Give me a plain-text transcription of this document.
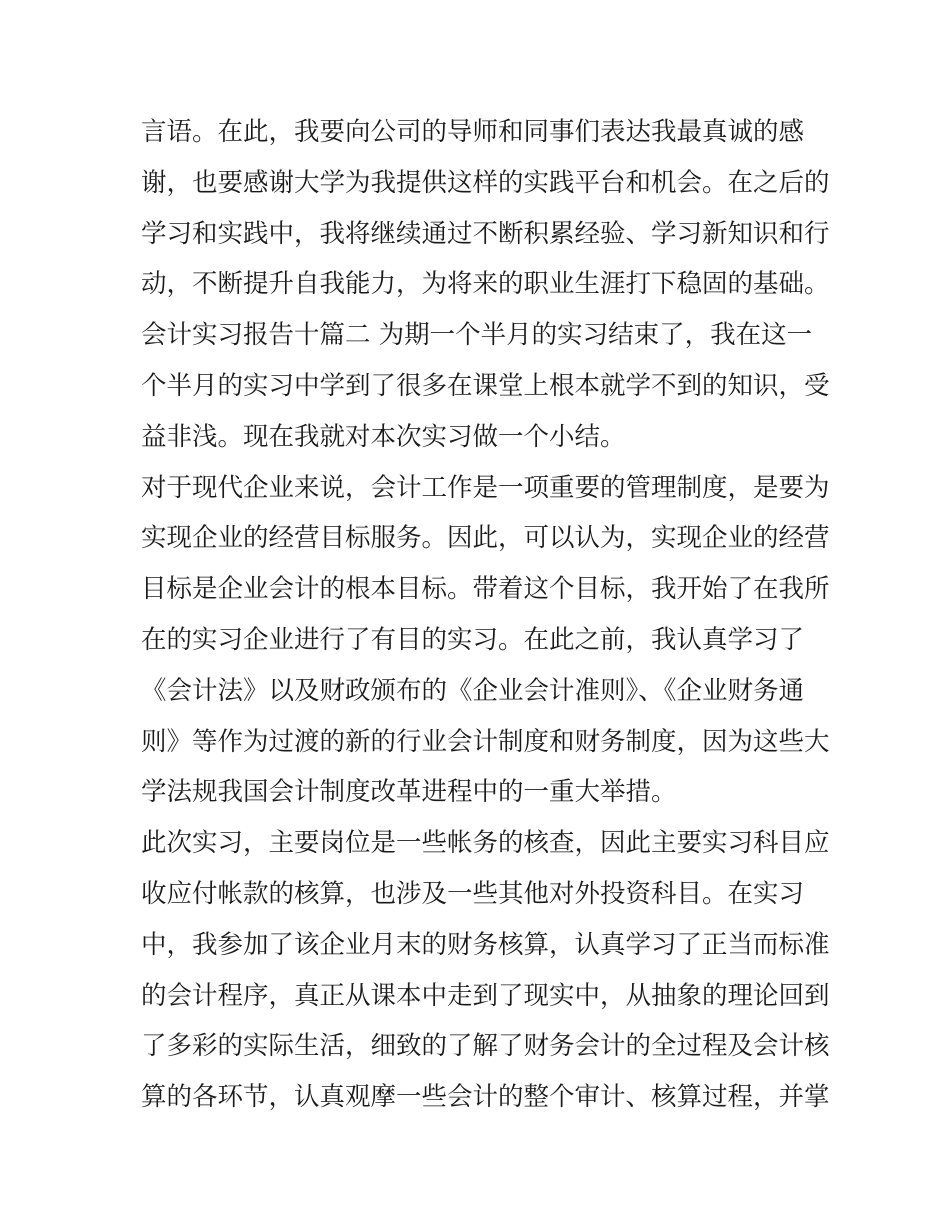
言语。在此，我要向公司的导师和同事们表达我最真诚的感
谢，也要感谢大学为我提供这样的实践平台和机会。在之后的
学习和实践中，我将继续通过不断积累经验、学习新知识和行
动，不断提升自我能力，为将来的职业生涯打下稳固的基础。
会计实习报告十篇二 为期一个半月的实习结束了，我在这一
个半月的实习中学到了很多在课堂上根本就学不到的知识，受
益非浅。现在我就对本次实习做一个小结。
对于现代企业来说，会计工作是一项重要的管理制度，是要为
实现企业的经营目标服务。因此，可以认为，实现企业的经营
目标是企业会计的根本目标。带着这个目标，我开始了在我所
在的实习企业进行了有目的实习。在此之前，我认真学习了
《会计法》以及财政颁布的《企业会计准则》、《企业财务通
则》等作为过渡的新的行业会计制度和财务制度，因为这些大
学法规我国会计制度改革进程中的一重大举措。
此次实习，主要岗位是一些帐务的核查，因此主要实习科目应
收应付帐款的核算，也涉及一些其他对外投资科目。在实习
中，我参加了该企业月末的财务核算，认真学习了正当而标准
的会计程序，真正从课本中走到了现实中，从抽象的理论回到
了多彩的实际生活，细致的了解了财务会计的全过程及会计核
算的各环节，认真观摩一些会计的整个审计、核算过程，并掌
